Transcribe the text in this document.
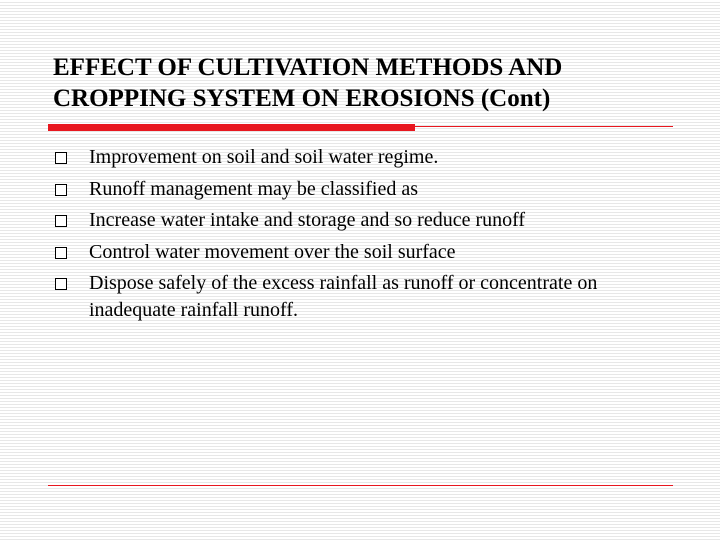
EFFECT OF CULTIVATION METHODS AND
CROPPING SYSTEM ON EROSIONS (Cont)
Improvement on soil and soil water regime.
Runoff management may be classified as
Increase water intake and storage and so reduce runoff
Control water movement over the soil surface
Dispose safely of the excess rainfall as runoff or concentrate on inadequate rainfall runoff.
